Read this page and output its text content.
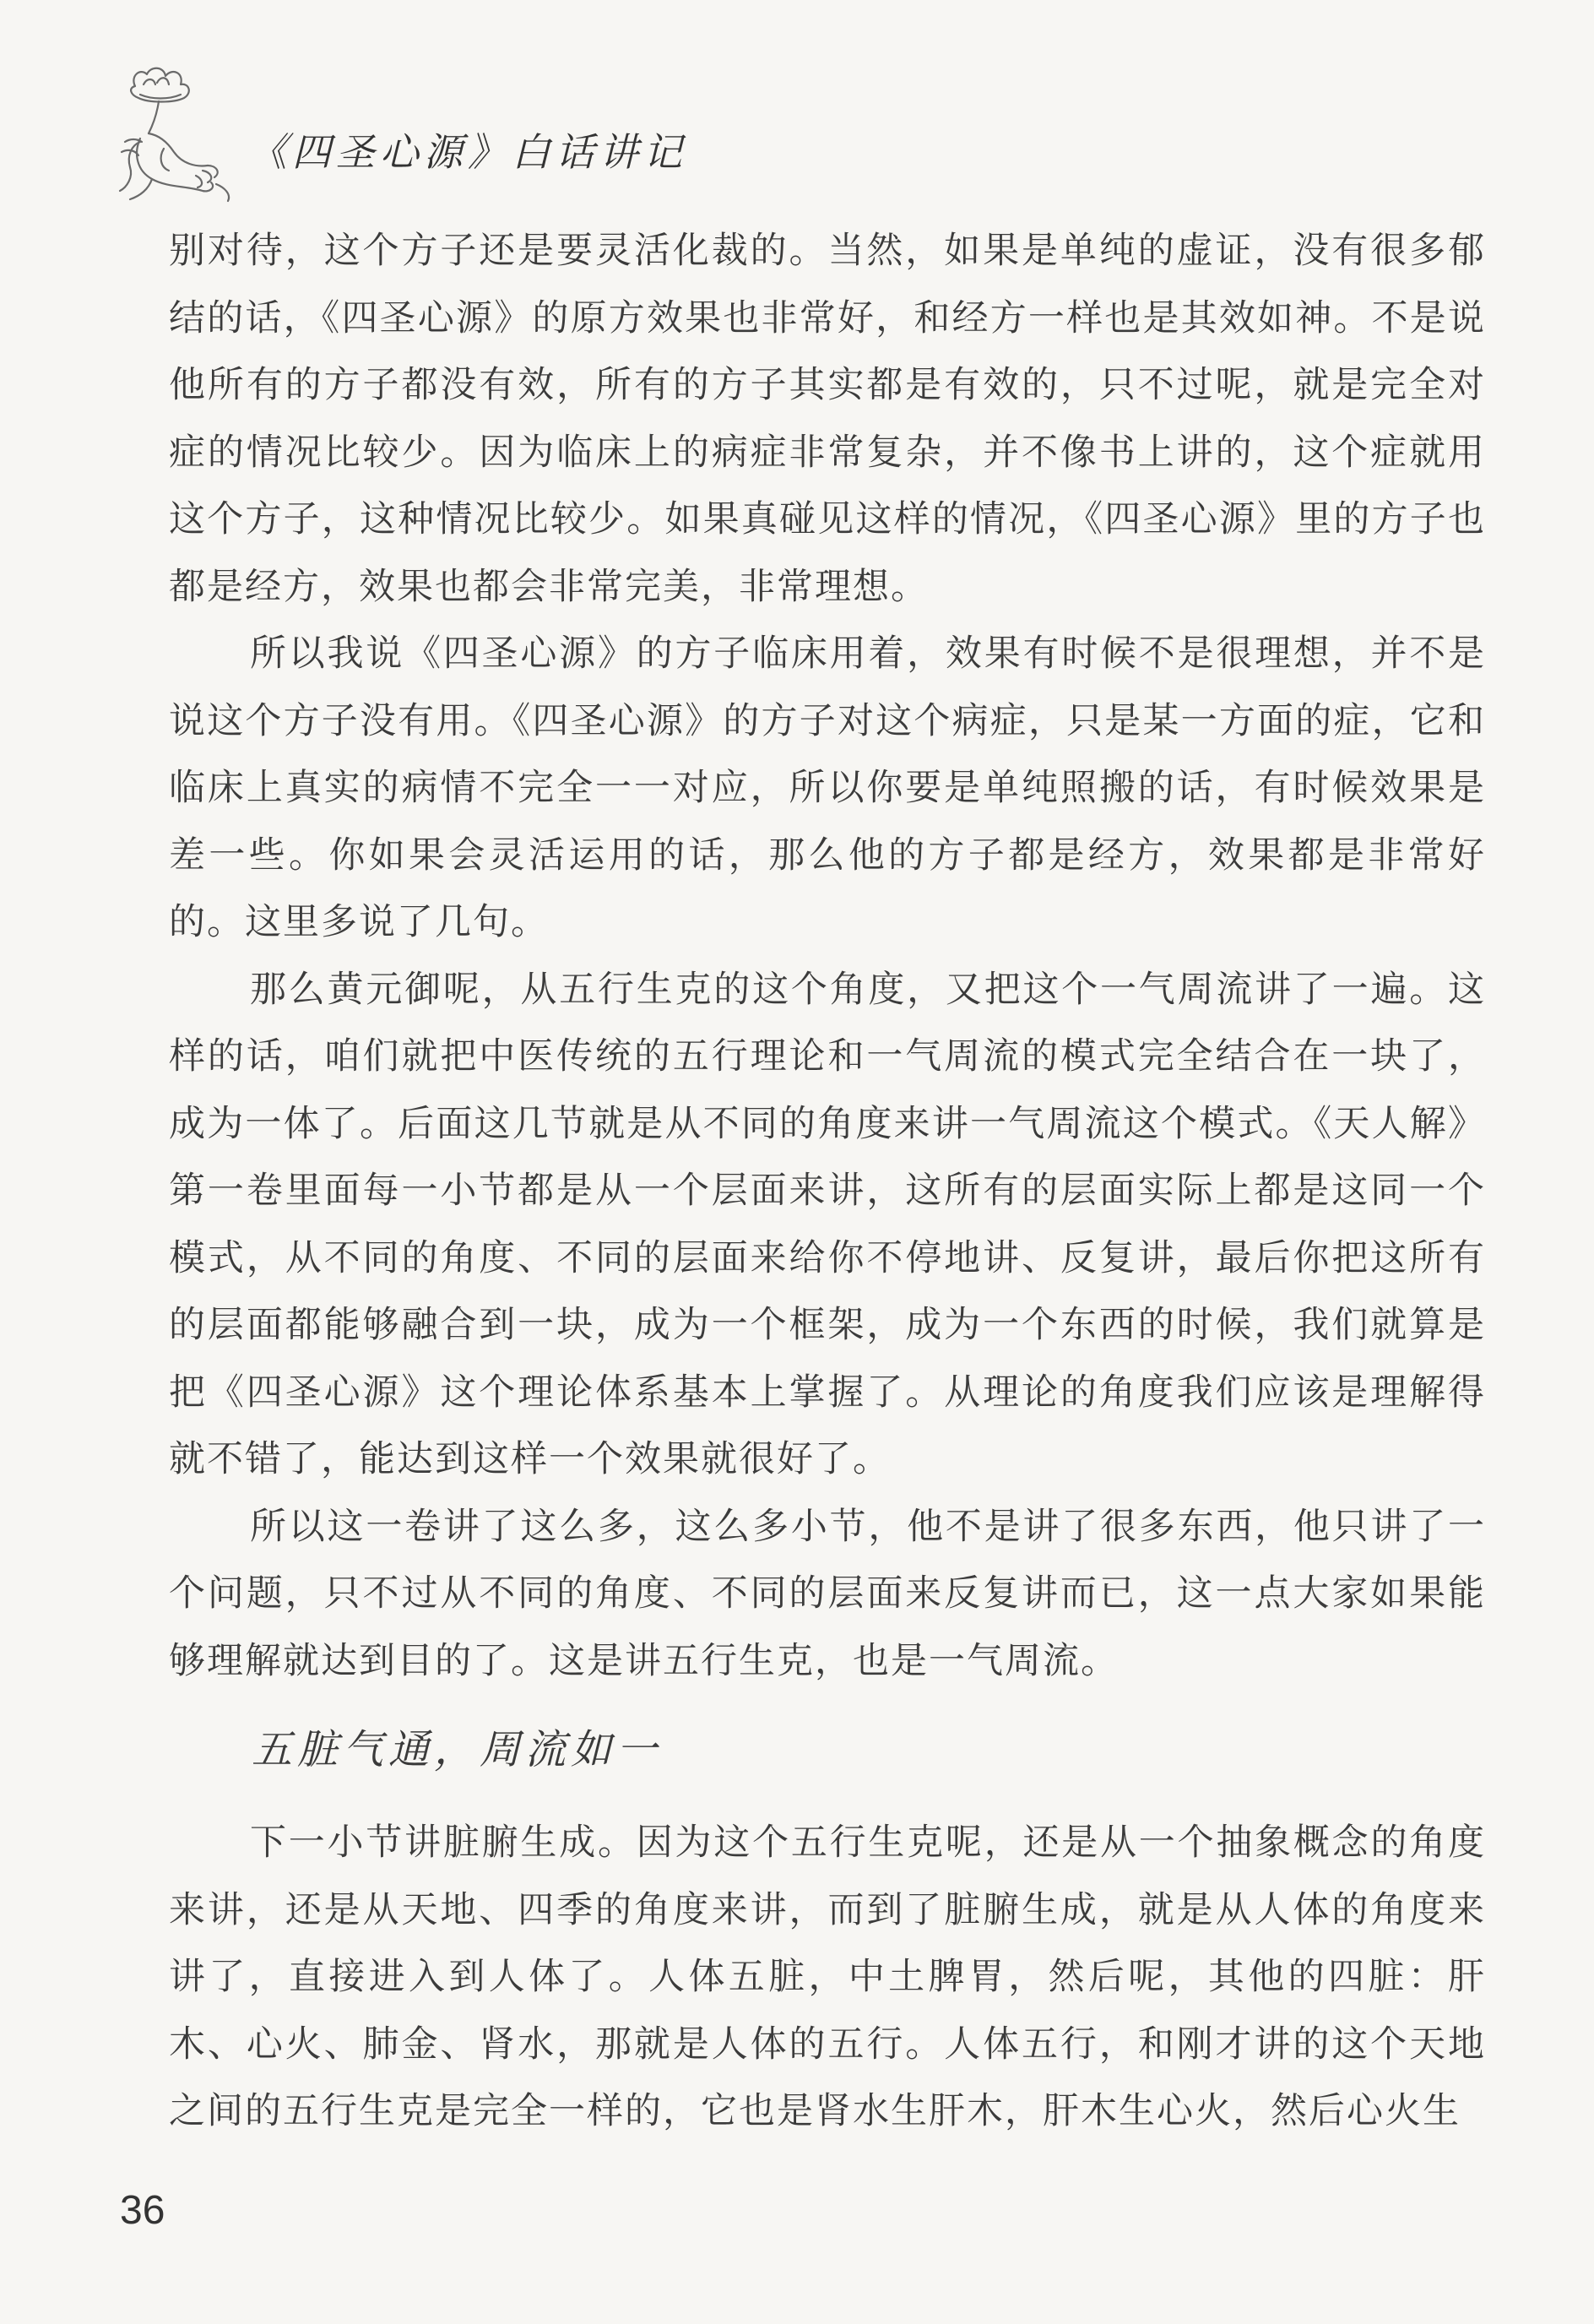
《四圣心源》白话讲记

别对待，这个方子还是要灵活化裁的。当然，如果是单纯的虚证，没有很多郁结的话，《四圣心源》的原方效果也非常好，和经方一样也是其效如神。不是说他所有的方子都没有效，所有的方子其实都是有效的，只不过呢，就是完全对症的情况比较少。因为临床上的病症非常复杂，并不像书上讲的，这个症就用这个方子，这种情况比较少。如果真碰见这样的情况，《四圣心源》里的方子也都是经方，效果也都会非常完美，非常理想。

所以我说《四圣心源》的方子临床用着，效果有时候不是很理想，并不是说这个方子没有用。《四圣心源》的方子对这个病症，只是某一方面的症，它和临床上真实的病情不完全一一对应，所以你要是单纯照搬的话，有时候效果是差一些。你如果会灵活运用的话，那么他的方子都是经方，效果都是非常好的。这里多说了几句。

那么黄元御呢，从五行生克的这个角度，又把这个一气周流讲了一遍。这样的话，咱们就把中医传统的五行理论和一气周流的模式完全结合在一块了，成为一体了。后面这几节就是从不同的角度来讲一气周流这个模式。《天人解》第一卷里面每一小节都是从一个层面来讲，这所有的层面实际上都是这同一个模式，从不同的角度、不同的层面来给你不停地讲、反复讲，最后你把这所有的层面都能够融合到一块，成为一个框架，成为一个东西的时候，我们就算是把《四圣心源》这个理论体系基本上掌握了。从理论的角度我们应该是理解得就不错了，能达到这样一个效果就很好了。

所以这一卷讲了这么多，这么多小节，他不是讲了很多东西，他只讲了一个问题，只不过从不同的角度、不同的层面来反复讲而已，这一点大家如果能够理解就达到目的了。这是讲五行生克，也是一气周流。

五脏气通，周流如一

下一小节讲脏腑生成。因为这个五行生克呢，还是从一个抽象概念的角度来讲，还是从天地、四季的角度来讲，而到了脏腑生成，就是从人体的角度来讲了，直接进入到人体了。人体五脏，中土脾胃，然后呢，其他的四脏：肝木、心火、肺金、肾水，那就是人体的五行。人体五行，和刚才讲的这个天地之间的五行生克是完全一样的，它也是肾水生肝木，肝木生心火，然后心火生

36
